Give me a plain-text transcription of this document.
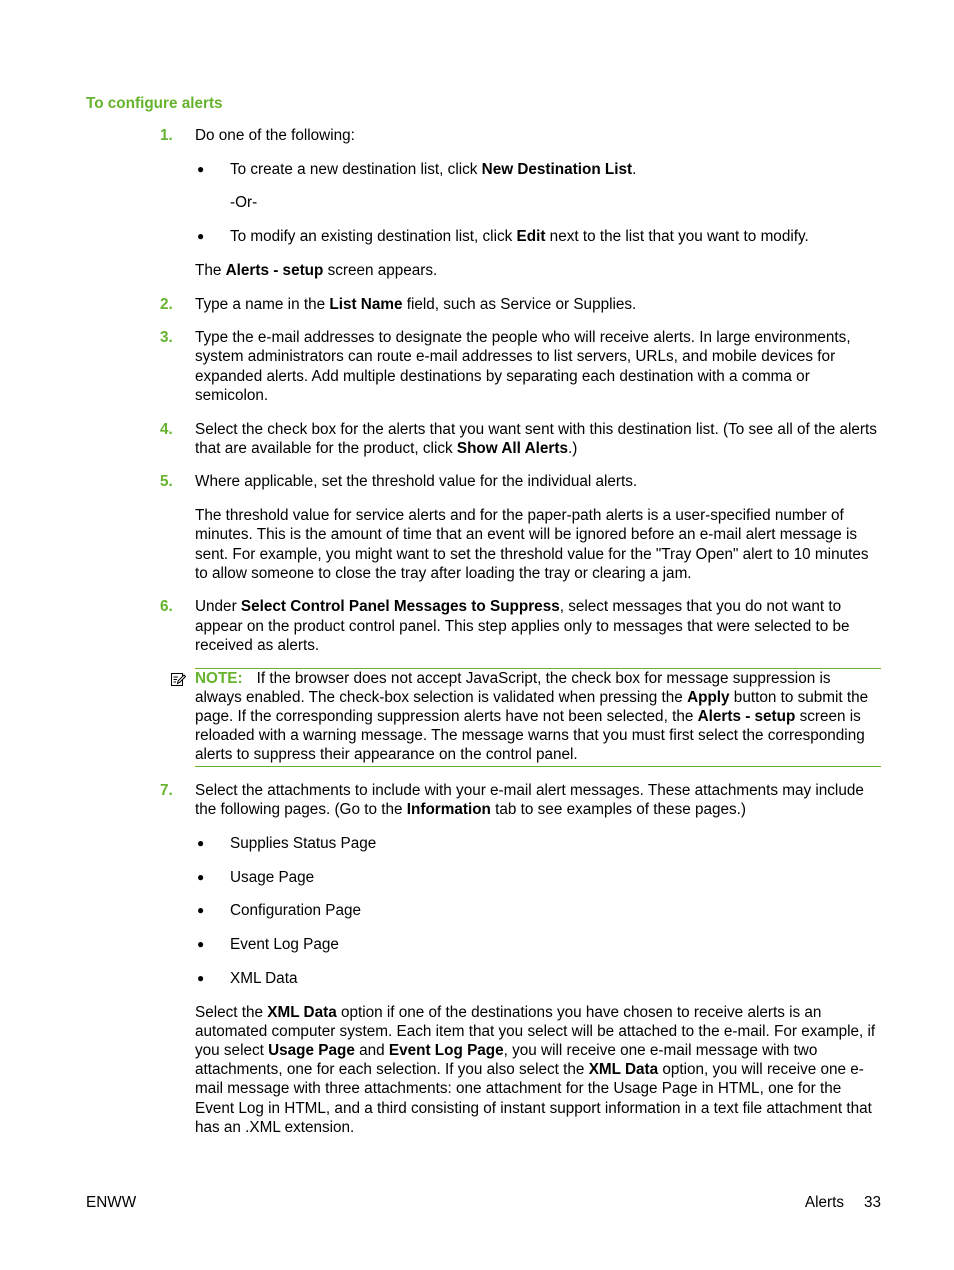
To configure alerts
1. Do one of the following:
● To create a new destination list, click New Destination List.
-Or-
● To modify an existing destination list, click Edit next to the list that you want to modify.
The Alerts - setup screen appears.
2. Type a name in the List Name field, such as Service or Supplies.
3. Type the e-mail addresses to designate the people who will receive alerts. In large environments, system administrators can route e-mail addresses to list servers, URLs, and mobile devices for expanded alerts. Add multiple destinations by separating each destination with a comma or semicolon.
4. Select the check box for the alerts that you want sent with this destination list. (To see all of the alerts that are available for the product, click Show All Alerts.)
5. Where applicable, set the threshold value for the individual alerts.
The threshold value for service alerts and for the paper-path alerts is a user-specified number of minutes. This is the amount of time that an event will be ignored before an e-mail alert message is sent. For example, you might want to set the threshold value for the "Tray Open" alert to 10 minutes to allow someone to close the tray after loading the tray or clearing a jam.
6. Under Select Control Panel Messages to Suppress, select messages that you do not want to appear on the product control panel. This step applies only to messages that were selected to be received as alerts.
NOTE: If the browser does not accept JavaScript, the check box for message suppression is always enabled. The check-box selection is validated when pressing the Apply button to submit the page. If the corresponding suppression alerts have not been selected, the Alerts - setup screen is reloaded with a warning message. The message warns that you must first select the corresponding alerts to suppress their appearance on the control panel.
7. Select the attachments to include with your e-mail alert messages. These attachments may include the following pages. (Go to the Information tab to see examples of these pages.)
● Supplies Status Page
● Usage Page
● Configuration Page
● Event Log Page
● XML Data
Select the XML Data option if one of the destinations you have chosen to receive alerts is an automated computer system. Each item that you select will be attached to the e-mail. For example, if you select Usage Page and Event Log Page, you will receive one e-mail message with two attachments, one for each selection. If you also select the XML Data option, you will receive one e-mail message with three attachments: one attachment for the Usage Page in HTML, one for the Event Log in HTML, and a third consisting of instant support information in a text file attachment that has an .XML extension.
ENWW	Alerts 33
